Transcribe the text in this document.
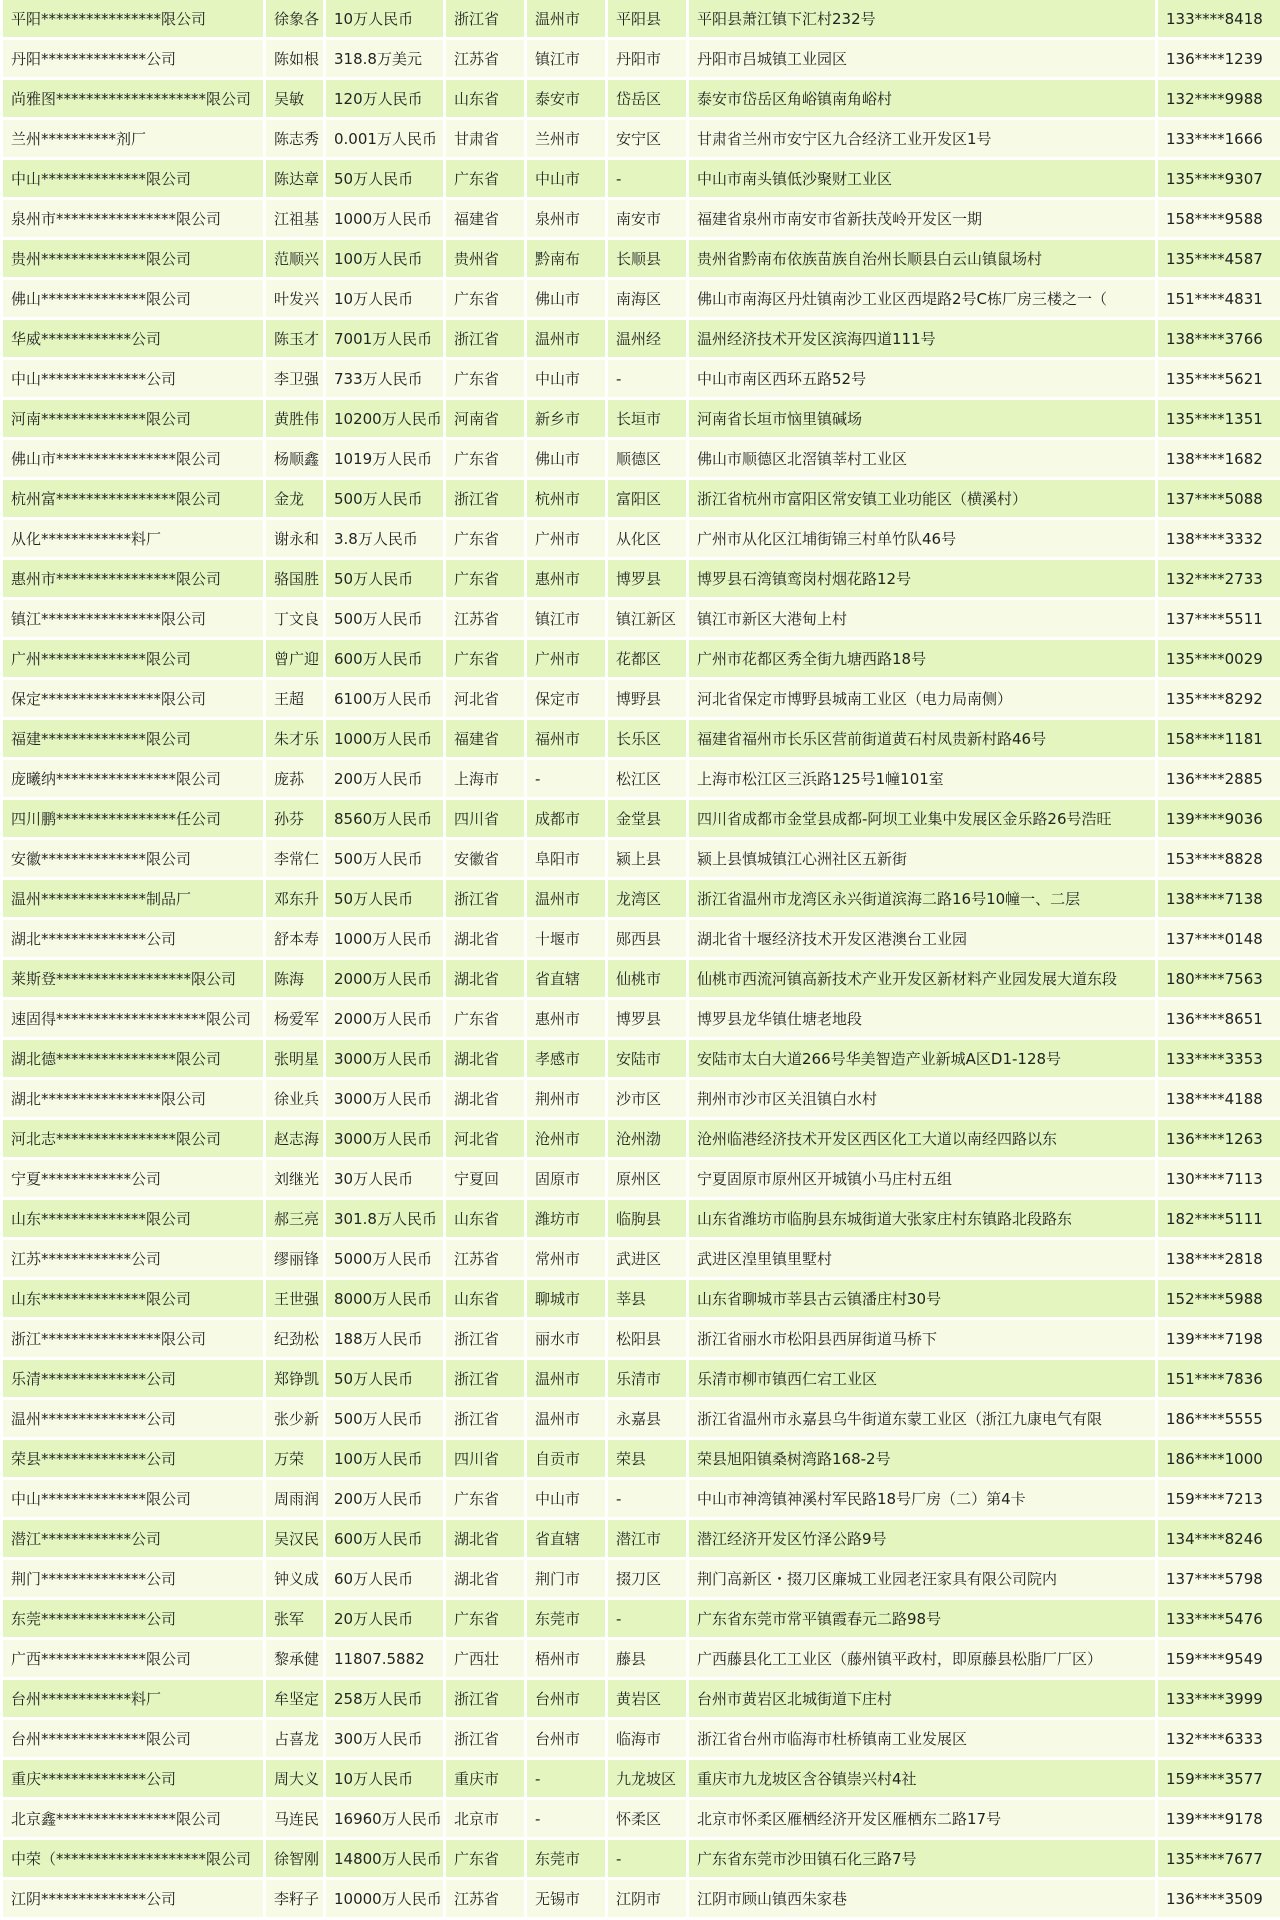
平阳****************限公司	徐象各	10万人民币	浙江省	温州市	平阳县	平阳县萧江镇下汇村232号	133****8418
丹阳**************公司	陈如根	318.8万美元	江苏省	镇江市	丹阳市	丹阳市吕城镇工业园区	136****1239
尚雅图********************限公司	吴敏	120万人民币	山东省	泰安市	岱岳区	泰安市岱岳区角峪镇南角峪村	132****9988
兰州**********剂厂	陈志秀	0.001万人民币	甘肃省	兰州市	安宁区	甘肃省兰州市安宁区九合经济工业开发区1号	133****1666
中山**************限公司	陈达章	50万人民币	广东省	中山市	-	中山市南头镇低沙聚财工业区	135****9307
泉州市****************限公司	江祖基	1000万人民币	福建省	泉州市	南安市	福建省泉州市南安市省新扶茂岭开发区一期	158****9588
贵州**************限公司	范顺兴	100万人民币	贵州省	黔南布	长顺县	贵州省黔南布依族苗族自治州长顺县白云山镇鼠场村	135****4587
佛山**************限公司	叶发兴	10万人民币	广东省	佛山市	南海区	佛山市南海区丹灶镇南沙工业区西堤路2号C栋厂房三楼之一（	151****4831
华威************公司	陈玉才	7001万人民币	浙江省	温州市	温州经	温州经济技术开发区滨海四道111号	138****3766
中山**************公司	李卫强	733万人民币	广东省	中山市	-	中山市南区西环五路52号	135****5621
河南**************限公司	黄胜伟	10200万人民币	河南省	新乡市	长垣市	河南省长垣市恼里镇碱场	135****1351
佛山市****************限公司	杨顺鑫	1019万人民币	广东省	佛山市	顺德区	佛山市顺德区北滘镇莘村工业区	138****1682
杭州富****************限公司	金龙	500万人民币	浙江省	杭州市	富阳区	浙江省杭州市富阳区常安镇工业功能区（横溪村）	137****5088
从化************料厂	谢永和	3.8万人民币	广东省	广州市	从化区	广州市从化区江埔街锦三村单竹队46号	138****3332
惠州市****************限公司	骆国胜	50万人民币	广东省	惠州市	博罗县	博罗县石湾镇鸾岗村烟花路12号	132****2733
镇江****************限公司	丁文良	500万人民币	江苏省	镇江市	镇江新区	镇江市新区大港甸上村	137****5511
广州**************限公司	曾广迎	600万人民币	广东省	广州市	花都区	广州市花都区秀全街九塘西路18号	135****0029
保定****************限公司	王超	6100万人民币	河北省	保定市	博野县	河北省保定市博野县城南工业区（电力局南侧）	135****8292
福建**************限公司	朱才乐	1000万人民币	福建省	福州市	长乐区	福建省福州市长乐区营前街道黄石村凤贵新村路46号	158****1181
庞曦纳****************限公司	庞荪	200万人民币	上海市	-	松江区	上海市松江区三浜路125号1幢101室	136****2885
四川鹏****************任公司	孙芬	8560万人民币	四川省	成都市	金堂县	四川省成都市金堂县成都-阿坝工业集中发展区金乐路26号浩旺	139****9036
安徽**************限公司	李常仁	500万人民币	安徽省	阜阳市	颍上县	颍上县慎城镇江心洲社区五新街	153****8828
温州**************制品厂	邓东升	50万人民币	浙江省	温州市	龙湾区	浙江省温州市龙湾区永兴街道滨海二路16号10幢一、二层	138****7138
湖北**************公司	舒本寿	1000万人民币	湖北省	十堰市	郧西县	湖北省十堰经济技术开发区港澳台工业园	137****0148
莱斯登******************限公司	陈海	2000万人民币	湖北省	省直辖	仙桃市	仙桃市西流河镇高新技术产业开发区新材料产业园发展大道东段	180****7563
速固得********************限公司	杨爱军	2000万人民币	广东省	惠州市	博罗县	博罗县龙华镇仕塘老地段	136****8651
湖北德****************限公司	张明星	3000万人民币	湖北省	孝感市	安陆市	安陆市太白大道266号华美智造产业新城A区D1-128号	133****3353
湖北****************限公司	徐业兵	3000万人民币	湖北省	荆州市	沙市区	荆州市沙市区关沮镇白水村	138****4188
河北志****************限公司	赵志海	3000万人民币	河北省	沧州市	沧州渤	沧州临港经济技术开发区西区化工大道以南经四路以东	136****1263
宁夏************公司	刘继光	30万人民币	宁夏回	固原市	原州区	宁夏固原市原州区开城镇小马庄村五组	130****7113
山东**************限公司	郝三亮	301.8万人民币	山东省	潍坊市	临朐县	山东省潍坊市临朐县东城街道大张家庄村东镇路北段路东	182****5111
江苏************公司	缪丽锋	5000万人民币	江苏省	常州市	武进区	武进区湟里镇里墅村	138****2818
山东**************限公司	王世强	8000万人民币	山东省	聊城市	莘县	山东省聊城市莘县古云镇潘庄村30号	152****5988
浙江****************限公司	纪劲松	188万人民币	浙江省	丽水市	松阳县	浙江省丽水市松阳县西屏街道马桥下	139****7198
乐清**************公司	郑铮凯	50万人民币	浙江省	温州市	乐清市	乐清市柳市镇西仁宕工业区	151****7836
温州**************公司	张少新	500万人民币	浙江省	温州市	永嘉县	浙江省温州市永嘉县乌牛街道东蒙工业区（浙江九康电气有限	186****5555
荣县**************公司	万荣	100万人民币	四川省	自贡市	荣县	荣县旭阳镇桑树湾路168-2号	186****1000
中山**************限公司	周雨润	200万人民币	广东省	中山市	-	中山市神湾镇神溪村军民路18号厂房（二）第4卡	159****7213
潜江************公司	吴汉民	600万人民币	湖北省	省直辖	潜江市	潜江经济开发区竹泽公路9号	134****8246
荆门**************公司	钟义成	60万人民币	湖北省	荆门市	掇刀区	荆门高新区・掇刀区廉城工业园老汪家具有限公司院内	137****5798
东莞**************公司	张军	20万人民币	广东省	东莞市	-	广东省东莞市常平镇霞春元二路98号	133****5476
广西**************限公司	黎承健	11807.5882	广西壮	梧州市	藤县	广西藤县化工工业区（藤州镇平政村，即原藤县松脂厂厂区）	159****9549
台州************料厂	牟坚定	258万人民币	浙江省	台州市	黄岩区	台州市黄岩区北城街道下庄村	133****3999
台州**************限公司	占喜龙	300万人民币	浙江省	台州市	临海市	浙江省台州市临海市杜桥镇南工业发展区	132****6333
重庆**************公司	周大义	10万人民币	重庆市	-	九龙坡区	重庆市九龙坡区含谷镇崇兴村4社	159****3577
北京鑫****************限公司	马连民	16960万人民币	北京市	-	怀柔区	北京市怀柔区雁栖经济开发区雁栖东二路17号	139****9178
中荣（********************限公司	徐智刚	14800万人民币	广东省	东莞市	-	广东省东莞市沙田镇石化三路7号	135****7677
江阴**************公司	李籽子	10000万人民币	江苏省	无锡市	江阴市	江阴市顾山镇西朱家巷	136****3509
